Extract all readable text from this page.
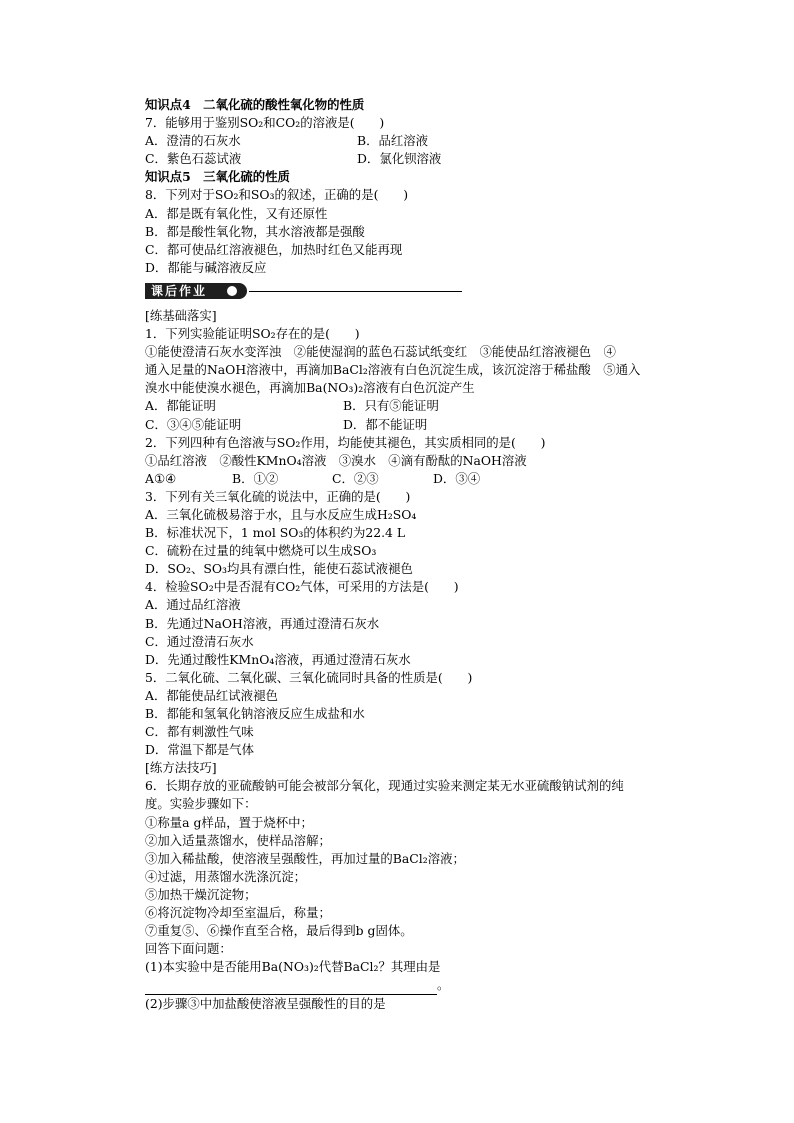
知识点4　二氧化硫的酸性氧化物的性质
7．能够用于鉴别SO₂和CO₂的溶液是(　　)
A．澄清的石灰水	B．品红溶液
C．紫色石蕊试液	D．氯化钡溶液
知识点5　三氧化硫的性质
8．下列对于SO₂和SO₃的叙述，正确的是(　　)
A．都是既有氧化性，又有还原性
B．都是酸性氧化物，其水溶液都是强酸
C．都可使品红溶液褪色，加热时红色又能再现
D．都能与碱溶液反应
课后作业
[练基础落实]
1．下列实验能证明SO₂存在的是(　　)
①能使澄清石灰水变浑浊　②能使湿润的蓝色石蕊试纸变红　③能使品红溶液褪色　④
通入足量的NaOH溶液中，再滴加BaCl₂溶液有白色沉淀生成，该沉淀溶于稀盐酸　⑤通入
溴水中能使溴水褪色，再滴加Ba(NO₃)₂溶液有白色沉淀产生
A．都能证明	B．只有⑤能证明
C．③④⑤能证明	D．都不能证明
2．下列四种有色溶液与SO₂作用，均能使其褪色，其实质相同的是(　　)
①品红溶液　②酸性KMnO₄溶液　③溴水　④滴有酚酞的NaOH溶液
A①④	B．①②	C．②③	D．③④
3．下列有关三氧化硫的说法中，正确的是(　　)
A．三氧化硫极易溶于水，且与水反应生成H₂SO₄
B．标准状况下，1 mol SO₃的体积约为22.4 L
C．硫粉在过量的纯氧中燃烧可以生成SO₃
D．SO₂、SO₃均具有漂白性，能使石蕊试液褪色
4．检验SO₂中是否混有CO₂气体，可采用的方法是(　　)
A．通过品红溶液
B．先通过NaOH溶液，再通过澄清石灰水
C．通过澄清石灰水
D．先通过酸性KMnO₄溶液，再通过澄清石灰水
5．二氧化硫、二氧化碳、三氧化硫同时具备的性质是(　　)
A．都能使品红试液褪色
B．都能和氢氧化钠溶液反应生成盐和水
C．都有刺激性气味
D．常温下都是气体
[练方法技巧]
6．长期存放的亚硫酸钠可能会被部分氧化，现通过实验来测定某无水亚硫酸钠试剂的纯
度。实验步骤如下：
①称量a g样品，置于烧杯中；
②加入适量蒸馏水，使样品溶解；
③加入稀盐酸，使溶液呈强酸性，再加过量的BaCl₂溶液；
④过滤，用蒸馏水洗涤沉淀；
⑤加热干燥沉淀物；
⑥将沉淀物冷却至室温后，称量；
⑦重复⑤、⑥操作直至合格，最后得到b g固体。
回答下面问题：
(1)本实验中是否能用Ba(NO₃)₂代替BaCl₂？其理由是
。
(2)步骤③中加盐酸使溶液呈强酸性的目的是
